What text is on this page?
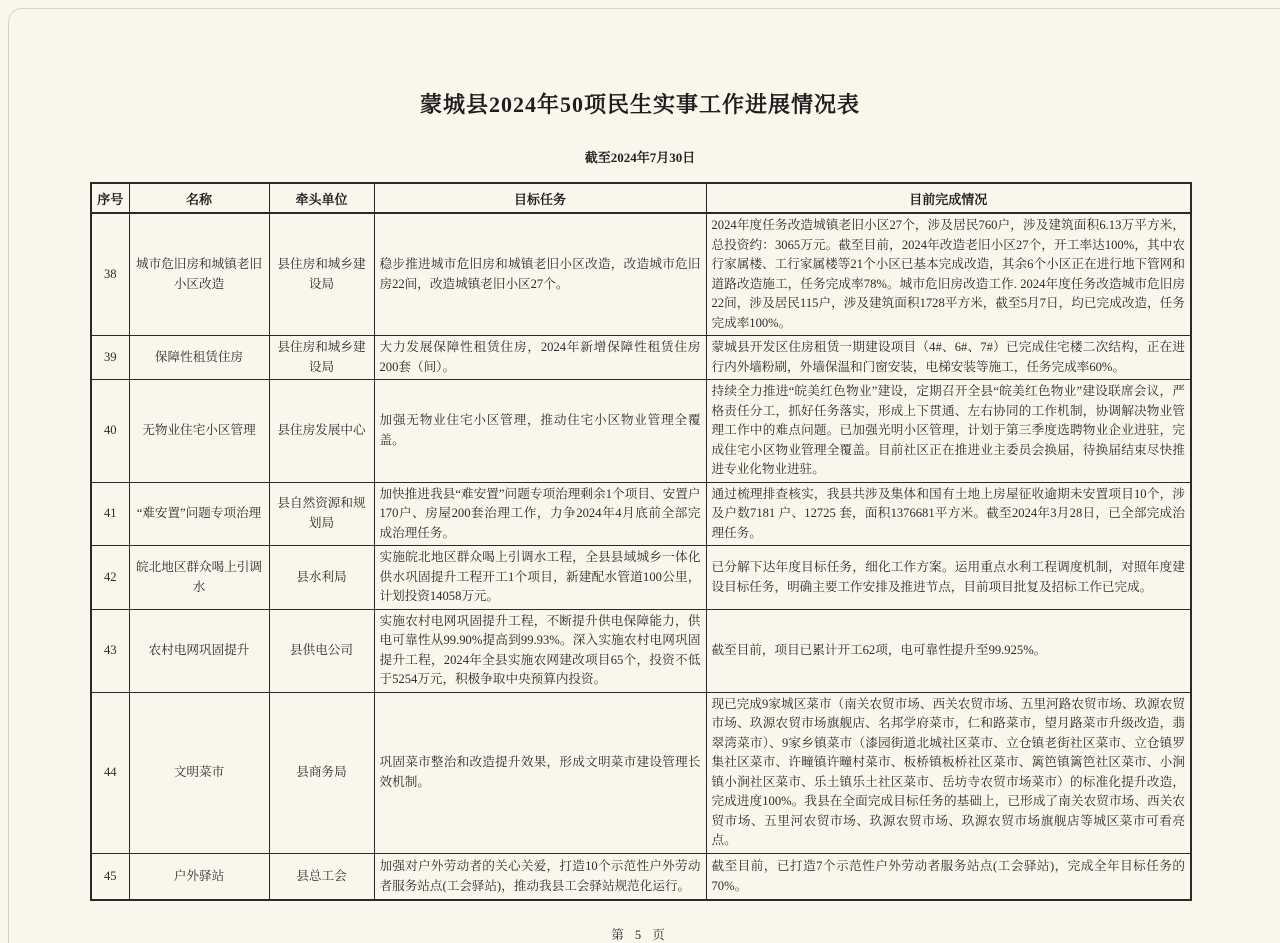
蒙城县2024年50项民生实事工作进展情况表
截至2024年7月30日
序号	名称	牵头单位	目标任务	目前完成情况
38	城市危旧房和城镇老旧小区改造	县住房和城乡建设局	稳步推进城市危旧房和城镇老旧小区改造，改造城市危旧房22间，改造城镇老旧小区27个。	2024年度任务改造城镇老旧小区27个，涉及居民760户，涉及建筑面积6.13万平方米，总投资约：3065万元。截至目前，2024年改造老旧小区27个，开工率达100%，其中农行家属楼、工行家属楼等21个小区已基本完成改造，其余6个小区正在进行地下管网和道路改造施工，任务完成率78%。城市危旧房改造工作. 2024年度任务改造城市危旧房22间，涉及居民115户，涉及建筑面积1728平方米，截至5月7日，均已完成改造，任务完成率100%。
39	保障性租赁住房	县住房和城乡建设局	大力发展保障性租赁住房，2024年新增保障性租赁住房200套（间）。	蒙城县开发区住房租赁一期建设项目（4#、6#、7#）已完成住宅楼二次结构，正在进行内外墙粉刷，外墙保温和门窗安装，电梯安装等施工，任务完成率60%。
40	无物业住宅小区管理	县住房发展中心	加强无物业住宅小区管理，推动住宅小区物业管理全覆盖。	持续全力推进“皖美红色物业”建设，定期召开全县“皖美红色物业”建设联席会议，严格责任分工，抓好任务落实，形成上下贯通、左右协同的工作机制，协调解决物业管理工作中的难点问题。已加强光明小区管理，计划于第三季度选聘物业企业进驻，完成住宅小区物业管理全覆盖。目前社区正在推进业主委员会换届，待换届结束尽快推进专业化物业进驻。
41	“难安置”问题专项治理	县自然资源和规划局	加快推进我县“难安置”问题专项治理剩余1个项目、安置户170户、房屋200套治理工作，力争2024年4月底前全部完成治理任务。	通过梳理排查核实，我县共涉及集体和国有土地上房屋征收逾期未安置项目10个，涉及户数7181 户、12725 套，面积1376681平方米。截至2024年3月28日，已全部完成治理任务。
42	皖北地区群众喝上引调水	县水利局	实施皖北地区群众喝上引调水工程，全县县域城乡一体化供水巩固提升工程开工1个项目，新建配水管道100公里，计划投资14058万元。	已分解下达年度目标任务，细化工作方案。运用重点水利工程调度机制，对照年度建设目标任务，明确主要工作安排及推进节点，目前项目批复及招标工作已完成。
43	农村电网巩固提升	县供电公司	实施农村电网巩固提升工程，不断提升供电保障能力，供电可靠性从99.90%提高到99.93%。深入实施农村电网巩固提升工程，2024年全县实施农网建改项目65个，投资不低于5254万元，积极争取中央预算内投资。	截至目前，项目已累计开工62项，电可靠性提升至99.925%。
44	文明菜市	县商务局	巩固菜市整治和改造提升效果，形成文明菜市建设管理长效机制。	现已完成9家城区菜市（南关农贸市场、西关农贸市场、五里河路农贸市场、玖源农贸市场、玖源农贸市场旗舰店、名邦学府菜市，仁和路菜市，望月路菜市升级改造，翡翠湾菜市）、9家乡镇菜市（漆园街道北城社区菜市、立仓镇老街社区菜市、立仓镇罗集社区菜市、许疃镇许疃村菜市、板桥镇板桥社区菜市、篱笆镇篱笆社区菜市、小涧镇小涧社区菜市、乐土镇乐土社区菜市、岳坊寺农贸市场菜市）的标准化提升改造，完成进度100%。我县在全面完成目标任务的基础上，已形成了南关农贸市场、西关农贸市场、五里河农贸市场、玖源农贸市场、玖源农贸市场旗舰店等城区菜市可看亮点。
45	户外驿站	县总工会	加强对户外劳动者的关心关爱，打造10个示范性户外劳动者服务站点(工会驿站)，推动我县工会驿站规范化运行。	截至目前，已打造7个示范性户外劳动者服务站点(工会驿站)，完成全年目标任务的70%。
第 5 页
